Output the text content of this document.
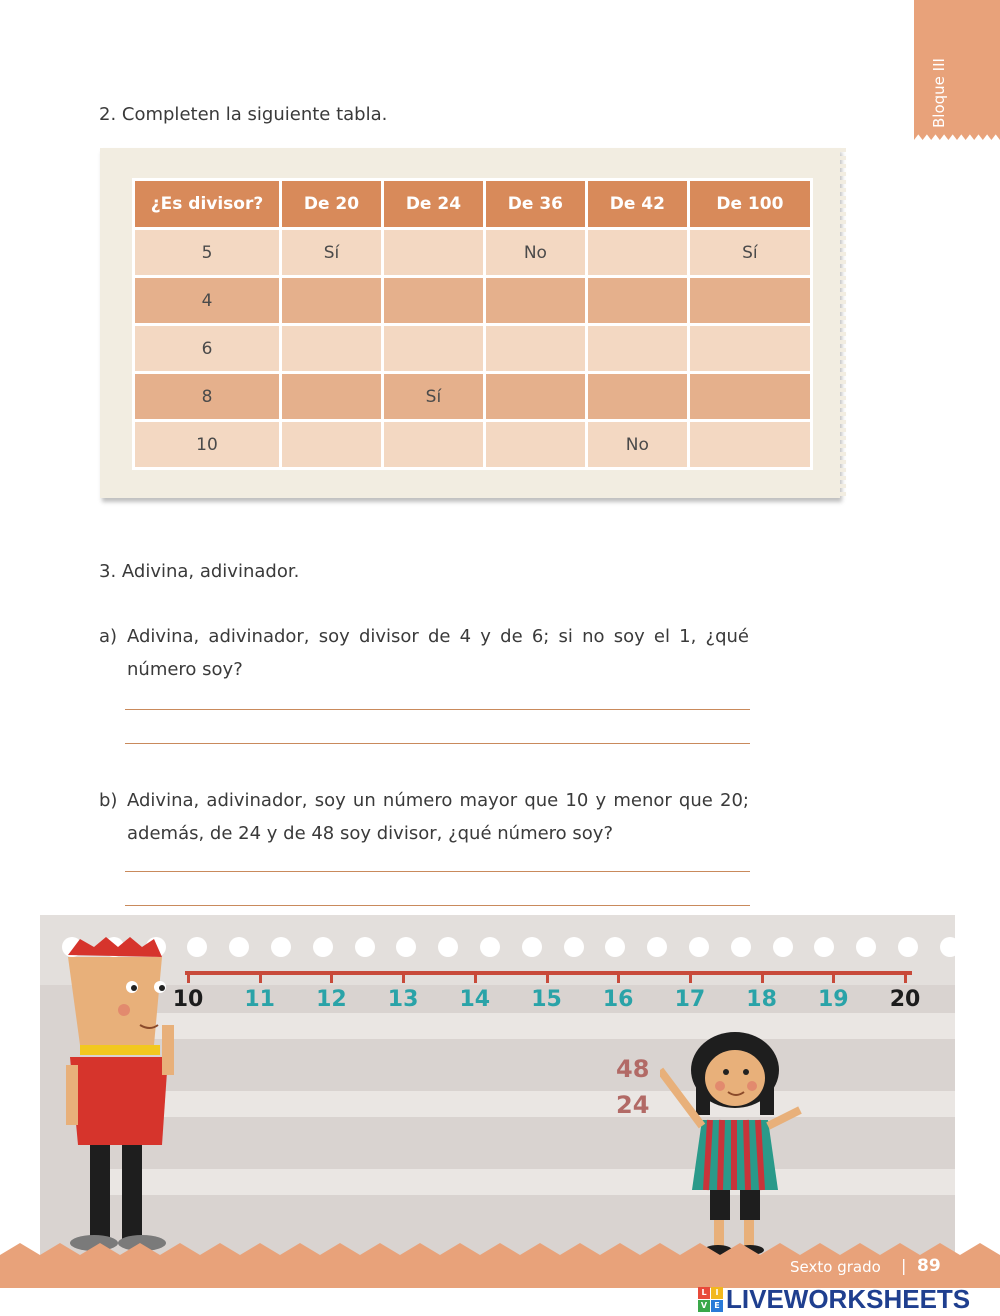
Bloque III
2. Completen la siguiente tabla.
¿Es divisor?	De 20	De 24	De 36	De 42	De 100
5	Sí		No		Sí
4					
6					
8		Sí			
10				No	
3. Adivina, adivinador.
a) Adivina, adivinador, soy divisor de 4 y de 6; si no soy el 1, ¿qué número soy?
b) Adivina, adivinador, soy un número mayor que 10 y menor que 20; además, de 24 y de 48 soy divisor, ¿qué número soy?
10 11 12 13 14 15 16 17 18 19 20
48
24
Sexto grado | 89
L	I
V E LIVEWORKSHEETS
